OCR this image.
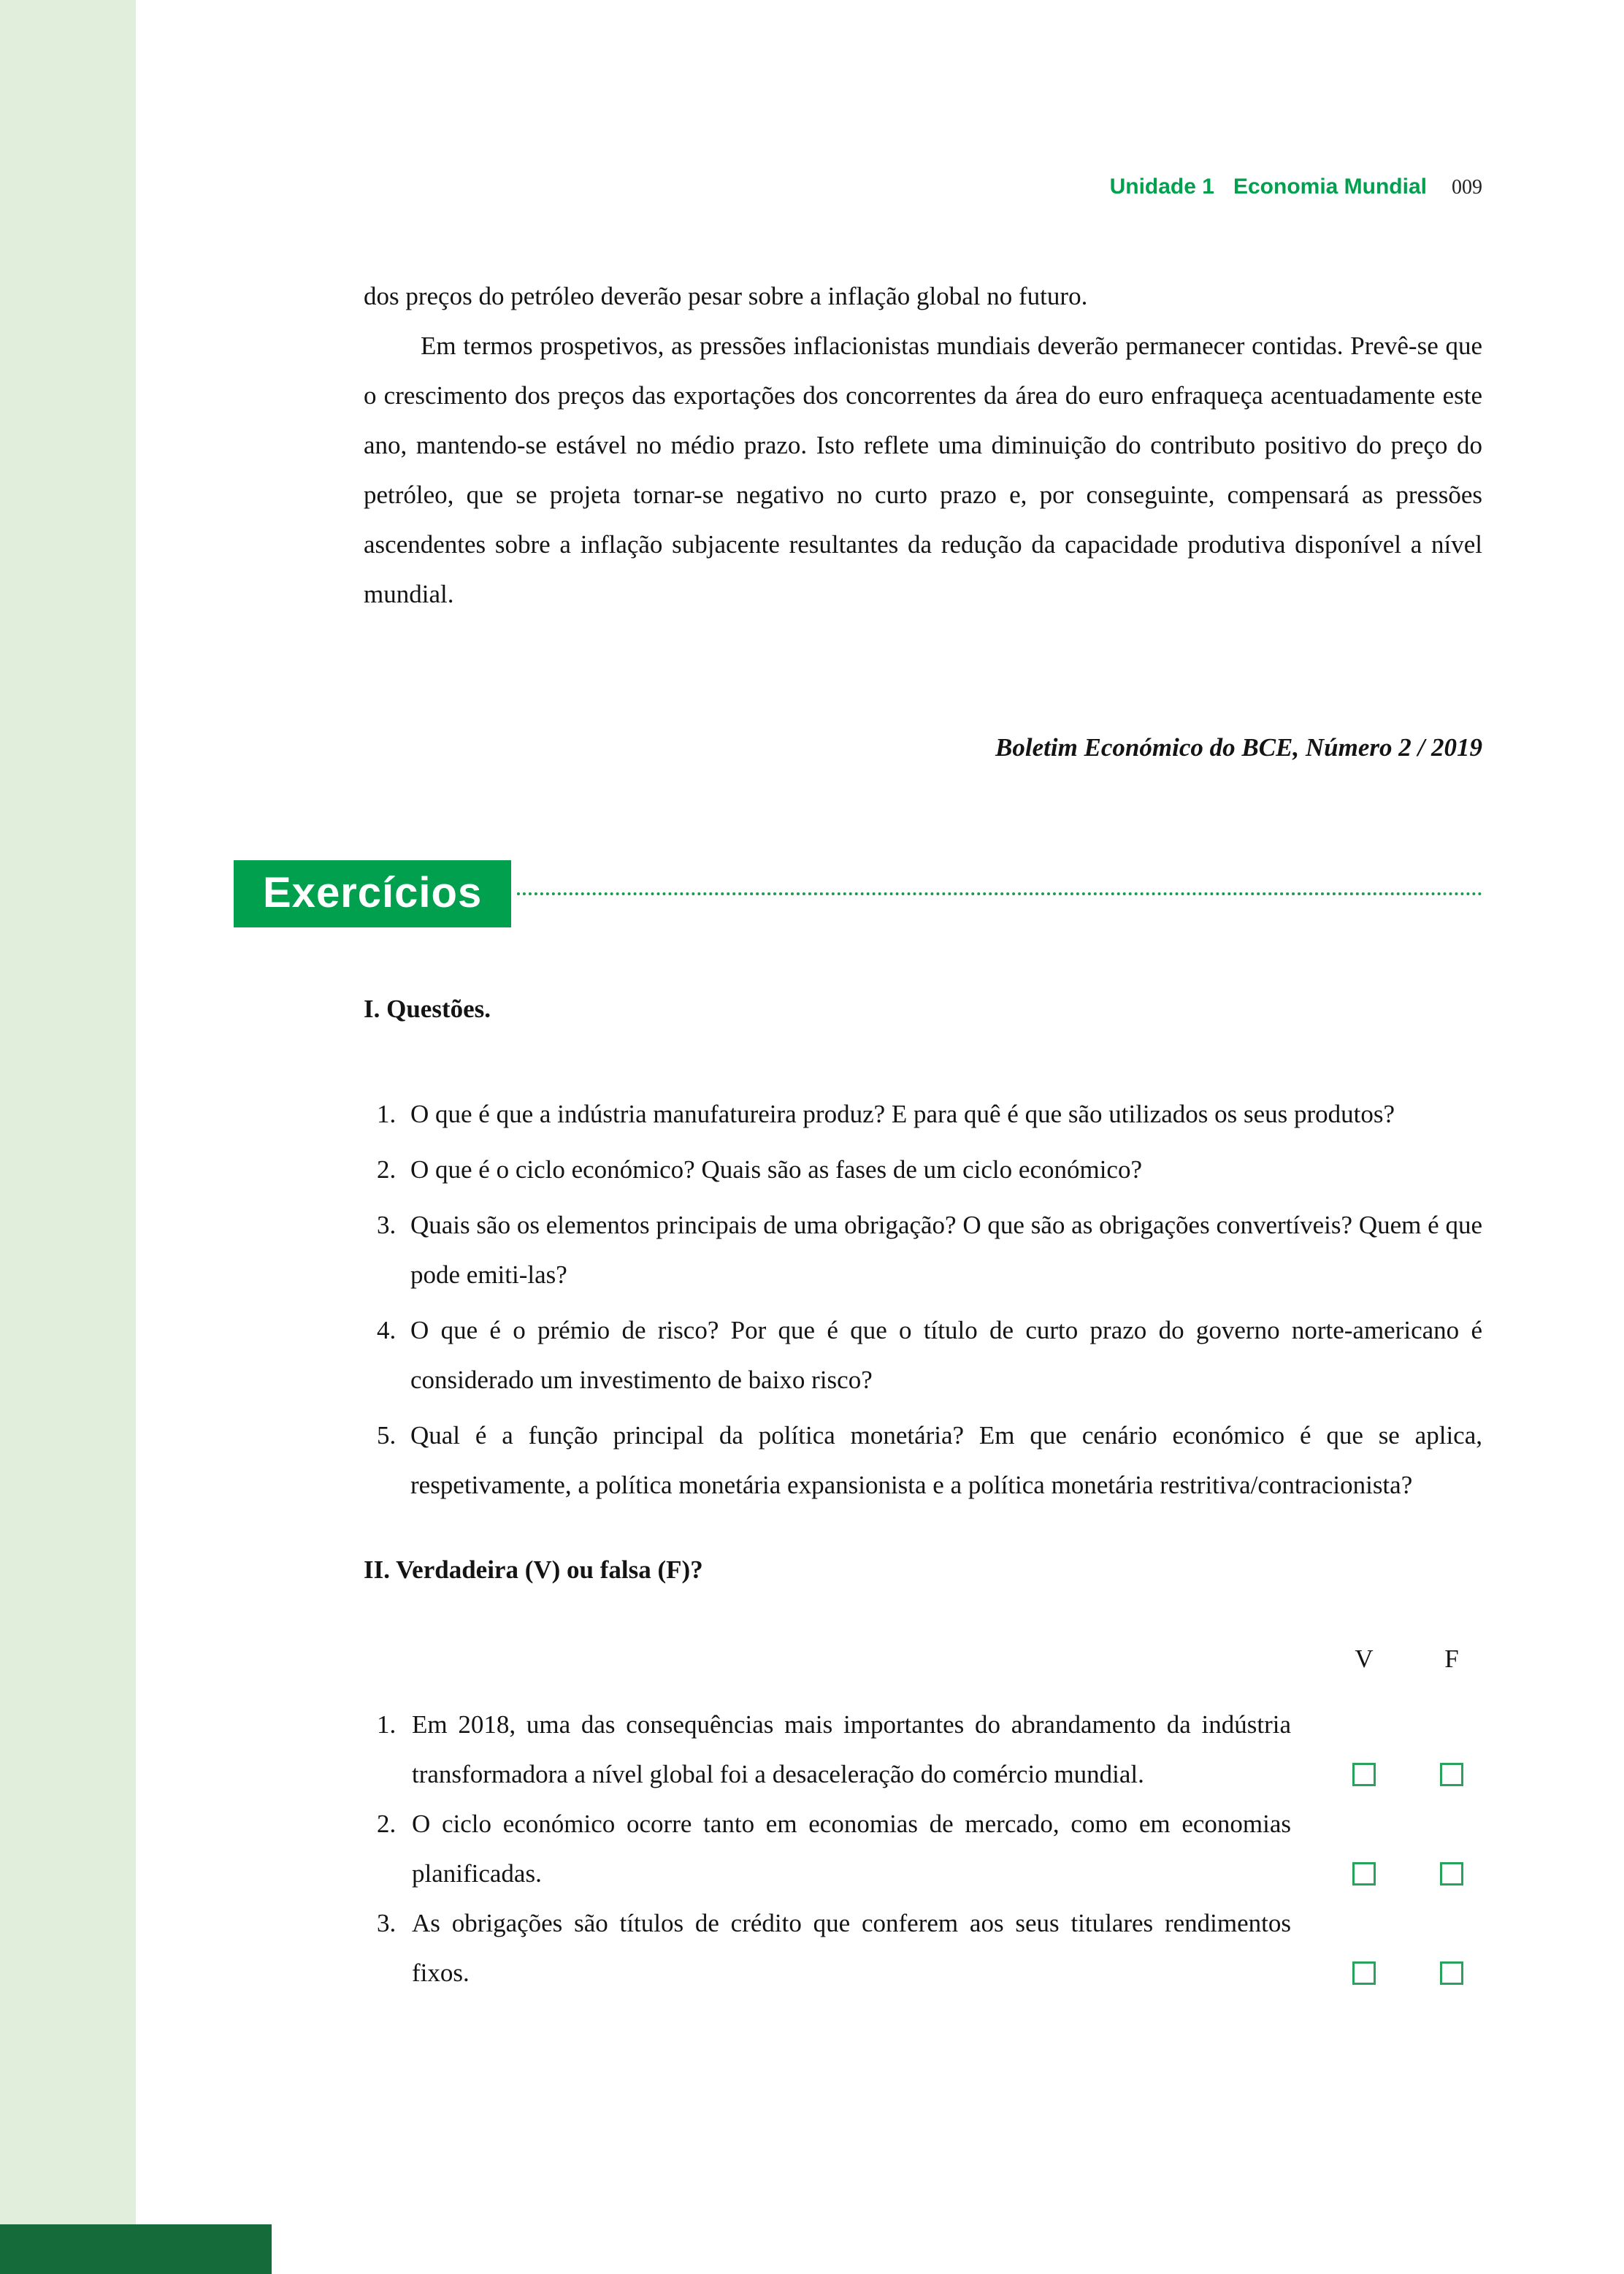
Unidade 1 Economia Mundial 009

dos preços do petróleo deverão pesar sobre a inflação global no futuro.

Em termos prospetivos, as pressões inflacionistas mundiais deverão permanecer contidas. Prevê-se que o crescimento dos preços das exportações dos concorrentes da área do euro enfraqueça acentuadamente este ano, mantendo-se estável no médio prazo. Isto reflete uma diminuição do contributo positivo do preço do petróleo, que se projeta tornar-se negativo no curto prazo e, por conseguinte, compensará as pressões ascendentes sobre a inflação subjacente resultantes da redução da capacidade produtiva disponível a nível mundial.

Boletim Económico do BCE, Número 2 / 2019
Exercícios
I. Questões.
1. O que é que a indústria manufatureira produz? E para quê é que são utilizados os seus produtos?
2. O que é o ciclo económico? Quais são as fases de um ciclo económico?
3. Quais são os elementos principais de uma obrigação? O que são as obrigações convertíveis? Quem é que pode emiti-las?
4. O que é o prémio de risco? Por que é que o título de curto prazo do governo norte-americano é considerado um investimento de baixo risco?
5. Qual é a função principal da política monetária? Em que cenário económico é que se aplica, respetivamente, a política monetária expansionista e a política monetária restritiva/contracionista?
II. Verdadeira (V) ou falsa (F)?
V	F
1. Em 2018, uma das consequências mais importantes do abrandamento da indústria transformadora a nível global foi a desaceleração do comércio mundial.
2. O ciclo económico ocorre tanto em economias de mercado, como em economias planificadas.
3. As obrigações são títulos de crédito que conferem aos seus titulares rendimentos fixos.
